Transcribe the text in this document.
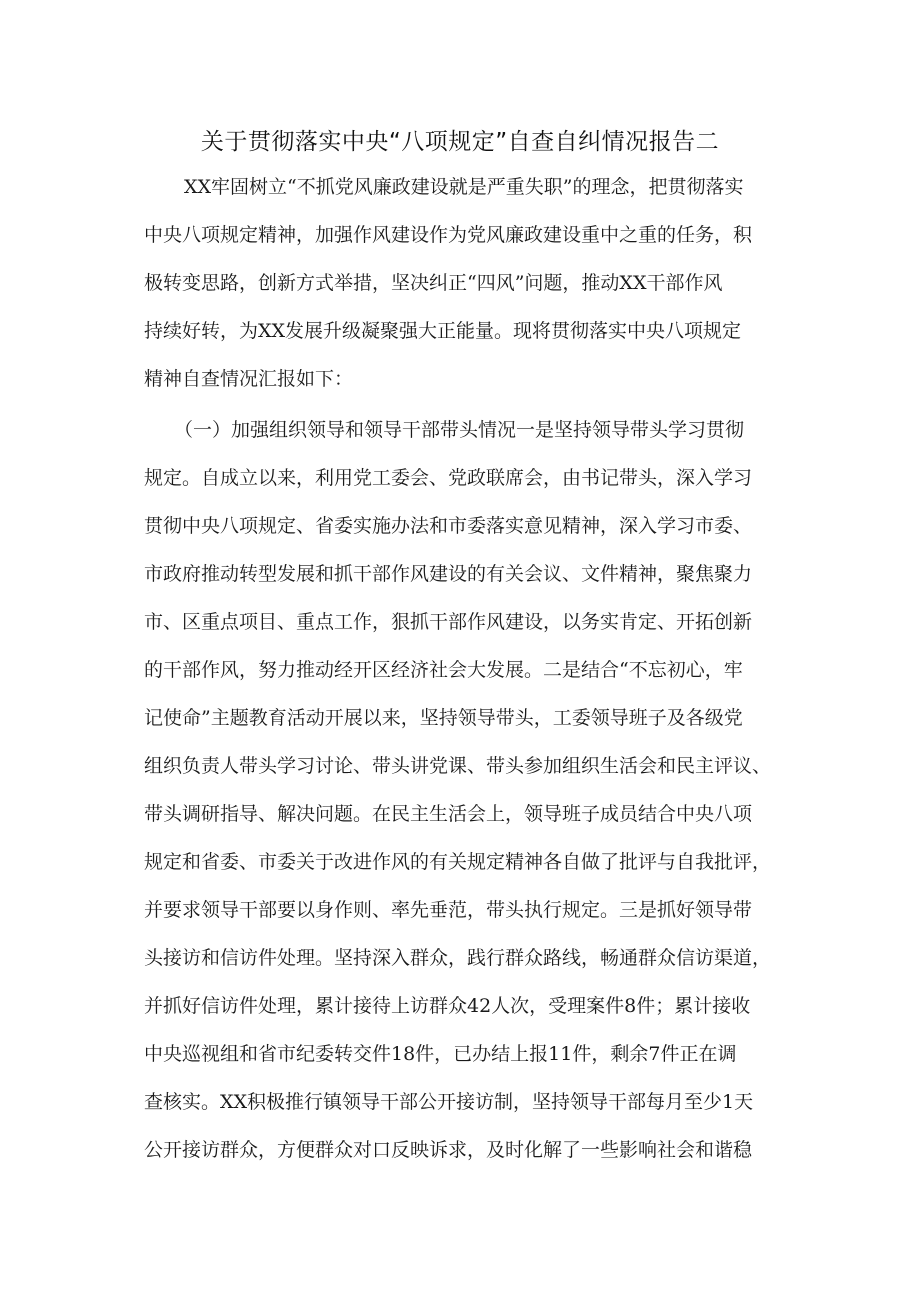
关于贯彻落实中央“八项规定”自查自纠情况报告二
XX牢固树立“不抓党风廉政建设就是严重失职”的理念，把贯彻落实
中央八项规定精神，加强作风建设作为党风廉政建设重中之重的任务，积
极转变思路，创新方式举措，坚决纠正“四风”问题，推动XX干部作风
持续好转，为XX发展升级凝聚强大正能量。现将贯彻落实中央八项规定
精神自查情况汇报如下：
（一）加强组织领导和领导干部带头情况一是坚持领导带头学习贯彻
规定。自成立以来，利用党工委会、党政联席会，由书记带头，深入学习
贯彻中央八项规定、省委实施办法和市委落实意见精神，深入学习市委、
市政府推动转型发展和抓干部作风建设的有关会议、文件精神，聚焦聚力
市、区重点项目、重点工作，狠抓干部作风建设，以务实肯定、开拓创新
的干部作风，努力推动经开区经济社会大发展。二是结合“不忘初心，牢
记使命”主题教育活动开展以来，坚持领导带头，工委领导班子及各级党
组织负责人带头学习讨论、带头讲党课、带头参加组织生活会和民主评议、
带头调研指导、解决问题。在民主生活会上，领导班子成员结合中央八项
规定和省委、市委关于改进作风的有关规定精神各自做了批评与自我批评，
并要求领导干部要以身作则、率先垂范，带头执行规定。三是抓好领导带
头接访和信访件处理。坚持深入群众，践行群众路线，畅通群众信访渠道，
并抓好信访件处理，累计接待上访群众42人次，受理案件8件；累计接收
中央巡视组和省市纪委转交件18件，已办结上报11件，剩余7件正在调
查核实。XX积极推行镇领导干部公开接访制，坚持领导干部每月至少1天
公开接访群众，方便群众对口反映诉求，及时化解了一些影响社会和谐稳
